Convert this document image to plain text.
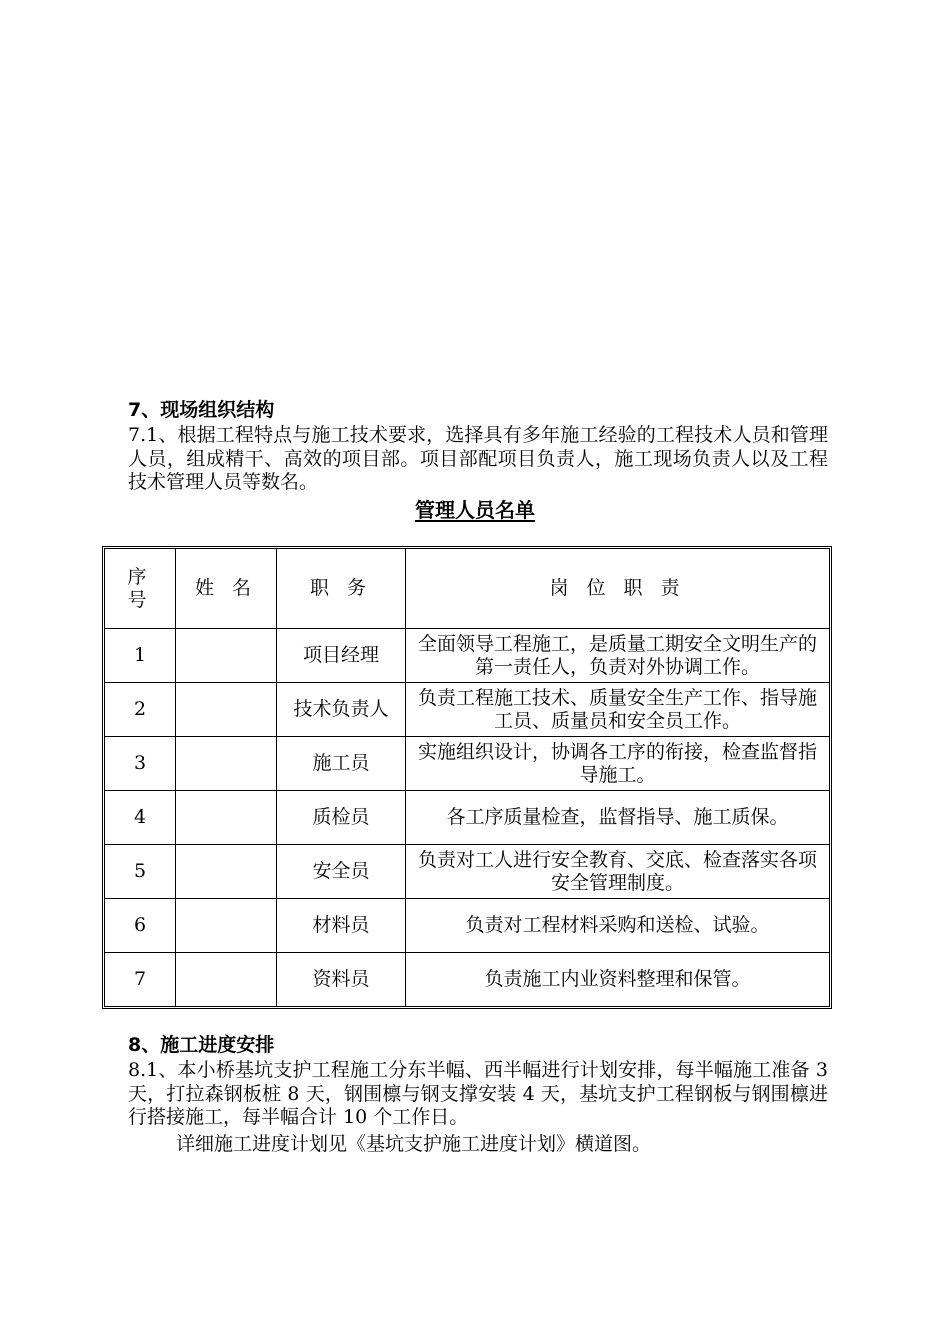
7、现场组织结构
7.1、根据工程特点与施工技术要求，选择具有多年施工经验的工程技术人员和管理人员，组成精干、高效的项目部。项目部配项目负责人，施工现场负责人以及工程技术管理人员等数名。
管理人员名单
序 号	姓 名	职 务	岗 位 职 责
1		项目经理	全面领导工程施工，是质量工期安全文明生产的第一责任人，负责对外协调工作。
2		技术负责人	负责工程施工技术、质量安全生产工作、指导施工员、质量员和安全员工作。
3		施工员	实施组织设计，协调各工序的衔接，检查监督指导施工。
4		质检员	各工序质量检查，监督指导、施工质保。
5		安全员	负责对工人进行安全教育、交底、检查落实各项安全管理制度。
6		材料员	负责对工程材料采购和送检、试验。
7		资料员	负责施工内业资料整理和保管。
8、施工进度安排
8.1、本小桥基坑支护工程施工分东半幅、西半幅进行计划安排，每半幅施工准备 3 天，打拉森钢板桩 8 天，钢围檩与钢支撑安装 4 天，基坑支护工程钢板与钢围檩进行搭接施工，每半幅合计 10 个工作日。
详细施工进度计划见《基坑支护施工进度计划》横道图。
